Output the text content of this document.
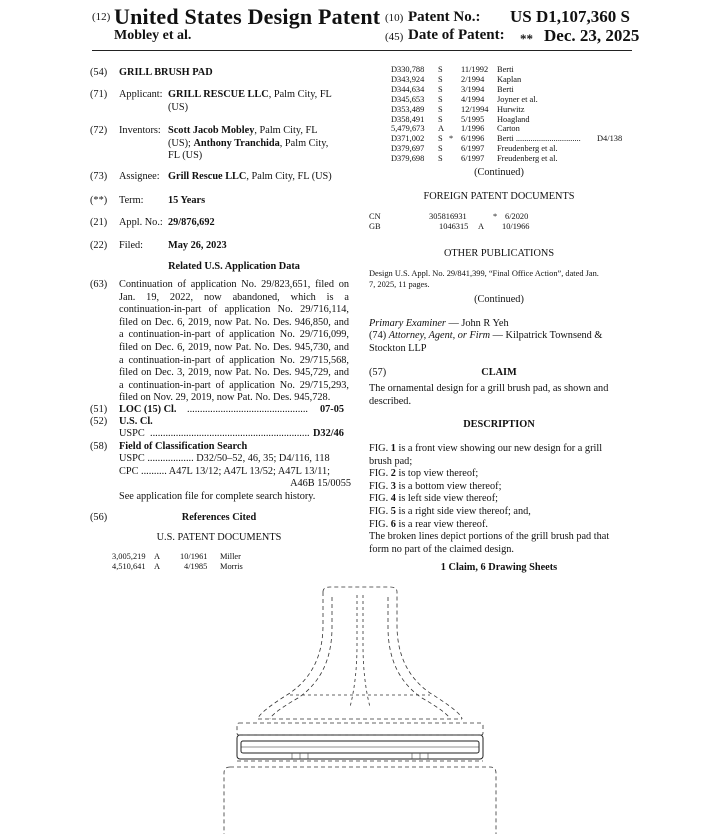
(12) United States Design Patent
Mobley et al.
(10) Patent No.: US D1,107,360 S
(45) Date of Patent: ** Dec. 23, 2025
(54)	GRILL BRUSH PAD
(71)	Applicant: GRILL RESCUE LLC, Palm City, FL
(US)
(72)	Inventors: Scott Jacob Mobley, Palm City, FL
(US); Anthony Tranchida, Palm City,
FL (US)
(73)	Assignee: Grill Rescue LLC, Palm City, FL (US)
(**)	Term: 15 Years
(21)	Appl. No.: 29/876,692
(22)	Filed: May 26, 2023
Related U.S. Application Data
(63)	Continuation of application No. 29/823,651, filed on
Jan. 19, 2022, now abandoned, which is a
continuation-in-part of application No. 29/716,114,
filed on Dec. 6, 2019, now Pat. No. Des. 946,850, and
a continuation-in-part of application No. 29/716,099,
filed on Dec. 6, 2019, now Pat. No. Des. 945,730, and
a continuation-in-part of application No. 29/715,568,
filed on Dec. 3, 2019, now Pat. No. Des. 945,729, and
a continuation-in-part of application No. 29/715,293,
filed on Nov. 29, 2019, now Pat. No. Des. 945,728.
(51)	LOC (15) Cl. ...............................................	07-05
(52)	U.S. Cl.
USPC .............................................................. D32/46
(58)	Field of Classification Search
USPC .................. D32/50–52, 46, 35; D4/116, 118
CPC .......... A47L 13/12; A47L 13/52; A47L 13/11;
A46B 15/0055
See application file for complete search history.
(56)	References Cited
U.S. PATENT DOCUMENTS
3,005,219 A 10/1961 Miller
4,510,641 A	4/1985 Morris
D330,788 S 11/1992 Berti
D343,924 S 2/1994 Kaplan
D344,634 S 3/1994 Berti
D345,653 S 4/1994 Joyner et al.
D353,489 S 12/1994 Hurwitz
D358,491 S 5/1995 Hoagland
5,479,673 A 1/1996 Carton
D371,002 S * 6/1996 Berti ............................... D4/138
D379,697 S 6/1997 Freudenberg et al.
D379,698 S 6/1997 Freudenberg et al.
(Continued)
FOREIGN PATENT DOCUMENTS
CN	305816931	* 6/2020
GB	1046315 A 10/1966
OTHER PUBLICATIONS
Design U.S. Appl. No. 29/841,399, “Final Office Action”, dated Jan.
7, 2025, 11 pages.
(Continued)
Primary Examiner — John R Yeh
(74) Attorney, Agent, or Firm — Kilpatrick Townsend &
Stockton LLP
(57)	CLAIM
The ornamental design for a grill brush pad, as shown and described.
DESCRIPTION
FIG. 1 is a front view showing our new design for a grill
brush pad;
FIG. 2 is top view thereof;
FIG. 3 is a bottom view thereof;
FIG. 4 is left side view thereof;
FIG. 5 is a right side view thereof; and,
FIG. 6 is a rear view thereof.
The broken lines depict portions of the grill brush pad that
form no part of the claimed design.
1 Claim, 6 Drawing Sheets
